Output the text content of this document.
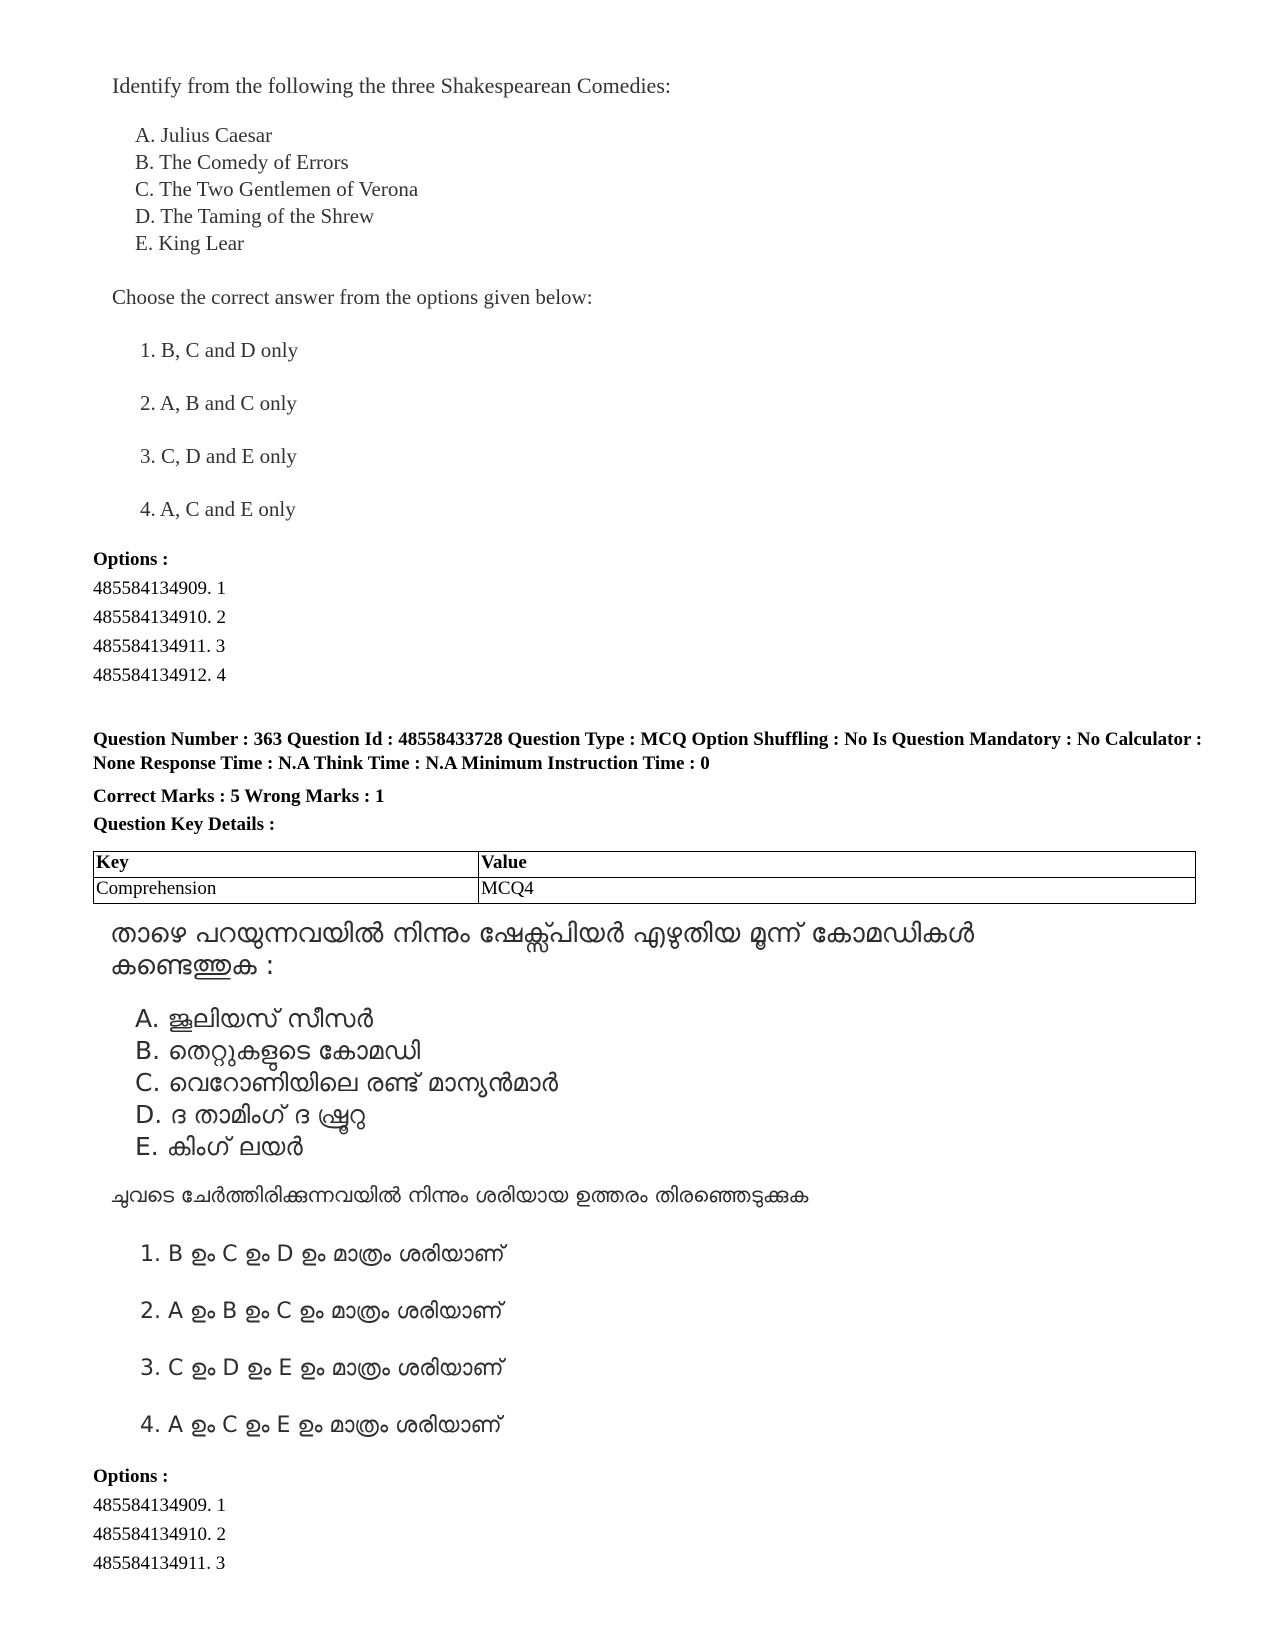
Identify from the following the three Shakespearean Comedies:
A. Julius Caesar
B. The Comedy of Errors
C. The Two Gentlemen of Verona
D. The Taming of the Shrew
E. King Lear
Choose the correct answer from the options given below:
1. B, C and D only
2. A, B and C only
3. C, D and E only
4. A, C and E only
Options :
485584134909. 1
485584134910. 2
485584134911. 3
485584134912. 4
Question Number : 363 Question Id : 48558433728 Question Type : MCQ Option Shuffling : No Is Question Mandatory : No Calculator : None Response Time : N.A Think Time : N.A Minimum Instruction Time : 0
Correct Marks : 5 Wrong Marks : 1
Question Key Details :
Key	Value
Comprehension	MCQ4
താഴെ പറയുന്നവയിൽ നിന്നും ഷേക്സ്പിയർ എഴുതിയ മൂന്ന് കോമഡികൾ കണ്ടെത്തുക :
A. ജൂലിയസ് സീസർ
B. തെറ്റുകളുടെ കോമഡി
C. വെറോണിയിലെ രണ്ട് മാന്യൻമാർ
D. ദ താമിംഗ് ദ ഷ്രൂറു
E. കിംഗ് ലയർ
ചുവടെ ചേർത്തിരിക്കുന്നവയിൽ നിന്നും ശരിയായ ഉത്തരം തിരഞ്ഞെടുക്കുക
1. B ഉം C ഉം D ഉം മാത്രം ശരിയാണ്
2. A ഉം B ഉം C ഉം മാത്രം ശരിയാണ്
3. C ഉം D ഉം E ഉം മാത്രം ശരിയാണ്
4. A ഉം C ഉം E ഉം മാത്രം ശരിയാണ്
Options :
485584134909. 1
485584134910. 2
485584134911. 3
